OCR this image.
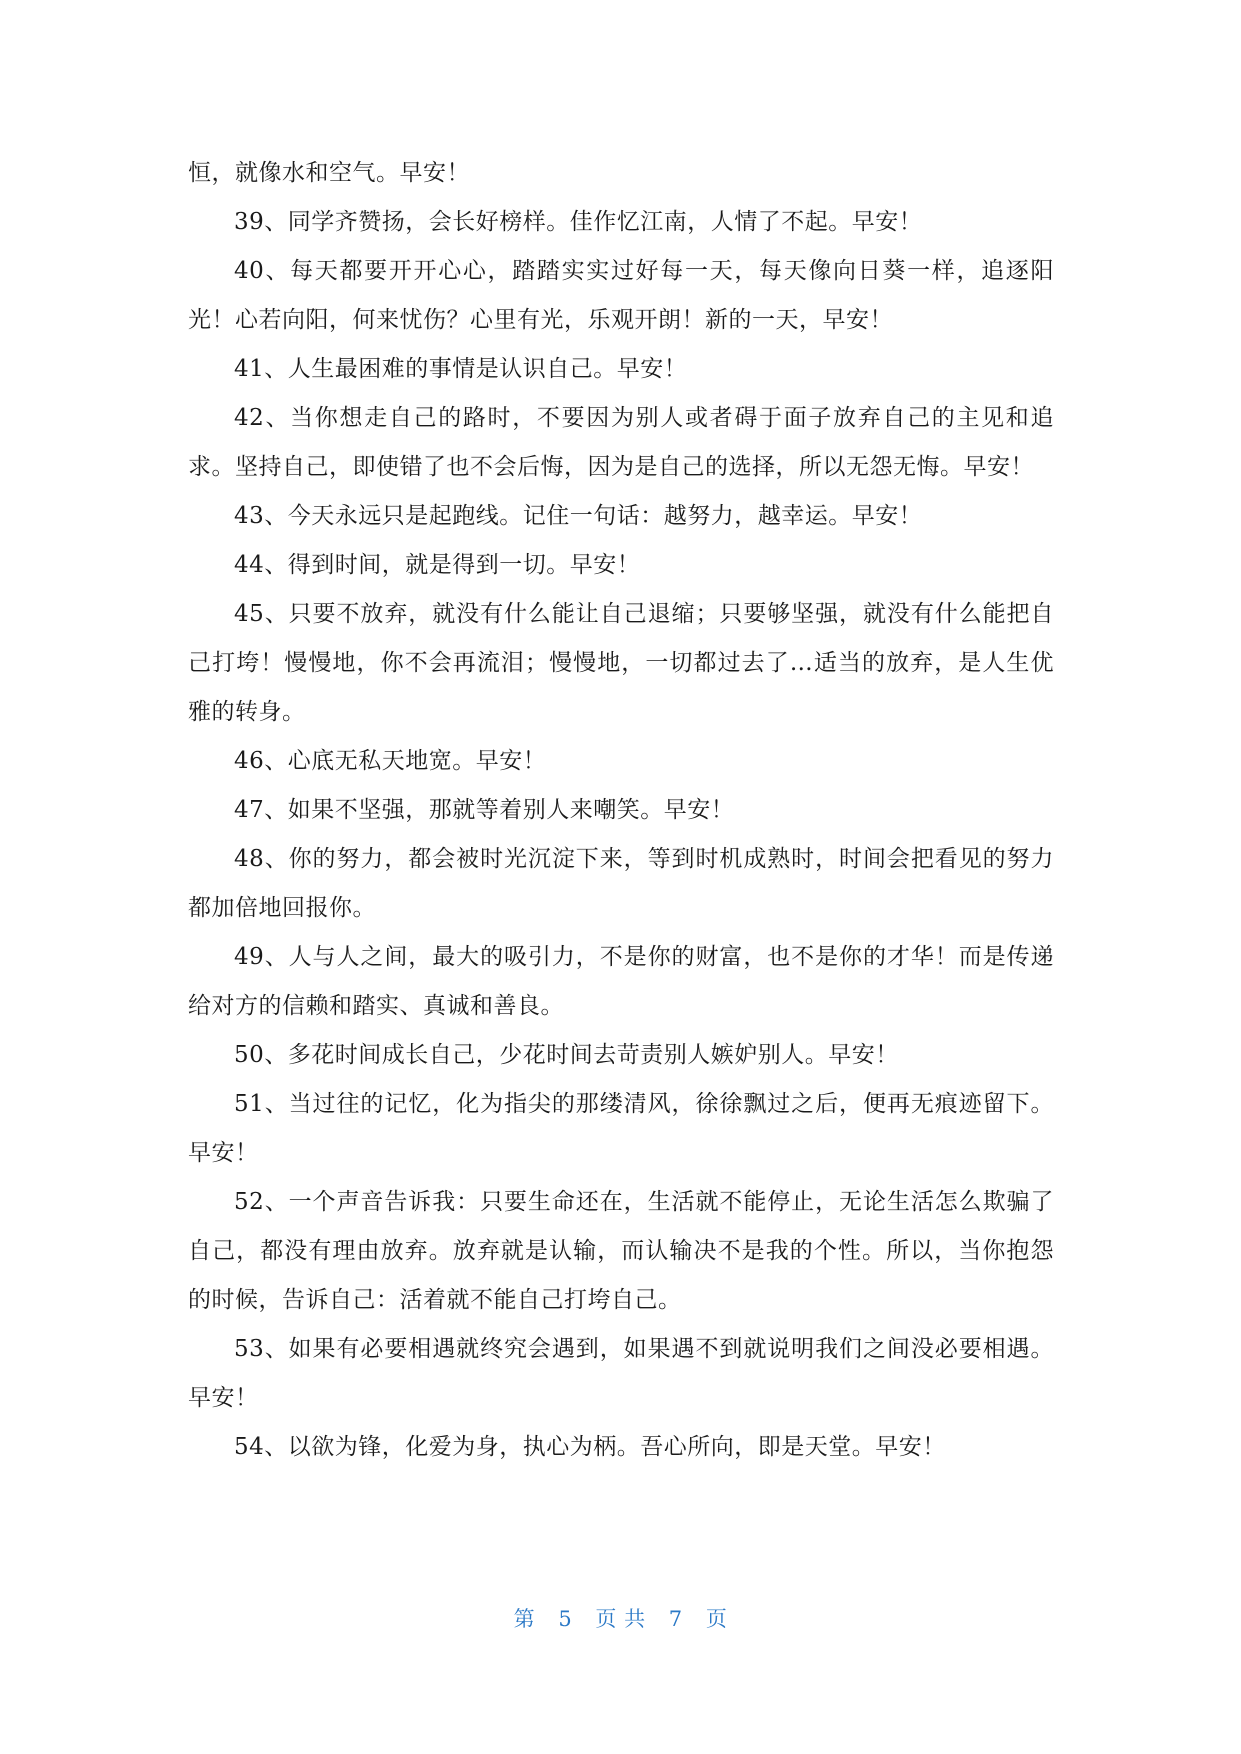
恒，就像水和空气。早安！

39、同学齐赞扬，会长好榜样。佳作忆江南，人情了不起。早安！

40、每天都要开开心心，踏踏实实过好每一天，每天像向日葵一样，追逐阳光！心若向阳，何来忧伤？心里有光，乐观开朗！新的一天，早安！

41、人生最困难的事情是认识自己。早安！

42、当你想走自己的路时，不要因为别人或者碍于面子放弃自己的主见和追求。坚持自己，即使错了也不会后悔，因为是自己的选择，所以无怨无悔。早安！

43、今天永远只是起跑线。记住一句话：越努力，越幸运。早安！

44、得到时间，就是得到一切。早安！

45、只要不放弃，就没有什么能让自己退缩；只要够坚强，就没有什么能把自己打垮！慢慢地，你不会再流泪；慢慢地，一切都过去了…适当的放弃，是人生优雅的转身。

46、心底无私天地宽。早安！

47、如果不坚强，那就等着别人来嘲笑。早安！

48、你的努力，都会被时光沉淀下来，等到时机成熟时，时间会把看见的努力都加倍地回报你。

49、人与人之间，最大的吸引力，不是你的财富，也不是你的才华！而是传递给对方的信赖和踏实、真诚和善良。

50、多花时间成长自己，少花时间去苛责别人嫉妒别人。早安！

51、当过往的记忆，化为指尖的那缕清风，徐徐飘过之后，便再无痕迹留下。早安！

52、一个声音告诉我：只要生命还在，生活就不能停止，无论生活怎么欺骗了自己，都没有理由放弃。放弃就是认输，而认输决不是我的个性。所以，当你抱怨的时候，告诉自己：活着就不能自己打垮自己。

53、如果有必要相遇就终究会遇到，如果遇不到就说明我们之间没必要相遇。早安！

54、以欲为锋，化爱为身，执心为柄。吾心所向，即是天堂。早安！

第 5 页 共 7 页
